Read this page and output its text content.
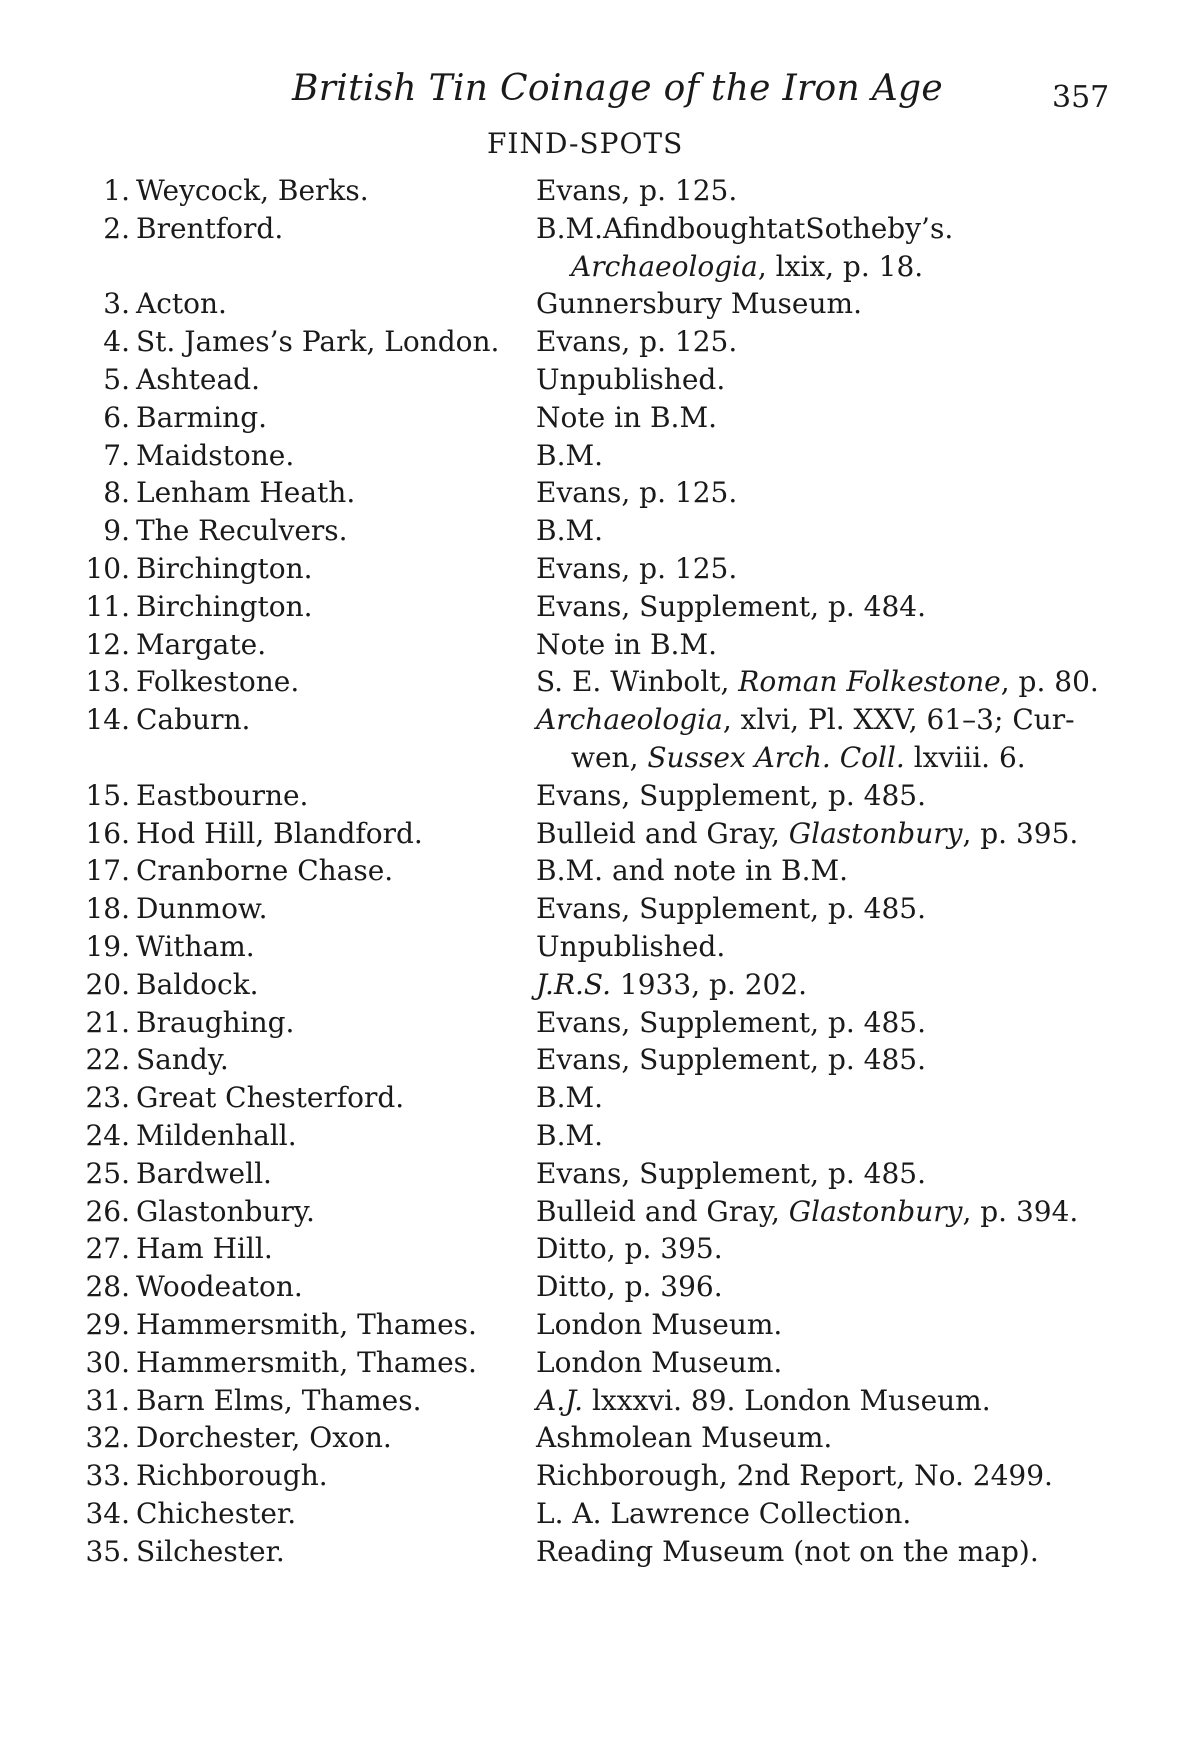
British Tin Coinage of the Iron Age	357
FIND-SPOTS
1. Weycock, Berks.	Evans, p. 125.
2. Brentford.	B.M.AfindboughtatSotheby’s.
Archaeologia, lxix, p. 18.
3. Acton.	Gunnersbury Museum.
4. St. James’s Park, London. Evans, p. 125.
5. Ashtead.	Unpublished.
6. Barming.	Note in B.M.
7. Maidstone.	B.M.
8. Lenham Heath.	Evans, p. 125.
9. The Reculvers.	B.M.
10. Birchington.	Evans, p. 125.
11. Birchington.	Evans, Supplement, p. 484.
12. Margate.	Note in B.M.
13. Folkestone.	S. E. Winbolt, Roman Folkestone, p. 80.
14. Caburn.	Archaeologia, xlvi, Pl. XXV, 61–3; Cur-
wen, Sussex Arch. Coll. lxviii. 6.
15. Eastbourne.	Evans, Supplement, p. 485.
16. Hod Hill, Blandford.	Bulleid and Gray, Glastonbury, p. 395.
17. Cranborne Chase.	B.M. and note in B.M.
18. Dunmow.	Evans, Supplement, p. 485.
19. Witham.	Unpublished.
20. Baldock.	J.R.S. 1933, p. 202.
21. Braughing.	Evans, Supplement, p. 485.
22. Sandy.	Evans, Supplement, p. 485.
23. Great Chesterford.	B.M.
24. Mildenhall.	B.M.
25. Bardwell.	Evans, Supplement, p. 485.
26. Glastonbury.	Bulleid and Gray, Glastonbury, p. 394.
27. Ham Hill.	Ditto, p. 395.
28. Woodeaton.	Ditto, p. 396.
29. Hammersmith, Thames. London Museum.
30. Hammersmith, Thames. London Museum.
31. Barn Elms, Thames.	A.J. lxxxvi. 89. London Museum.
32. Dorchester, Oxon.	Ashmolean Museum.
33. Richborough.	Richborough, 2nd Report, No. 2499.
34. Chichester.	L. A. Lawrence Collection.
35. Silchester.	Reading Museum (not on the map).
